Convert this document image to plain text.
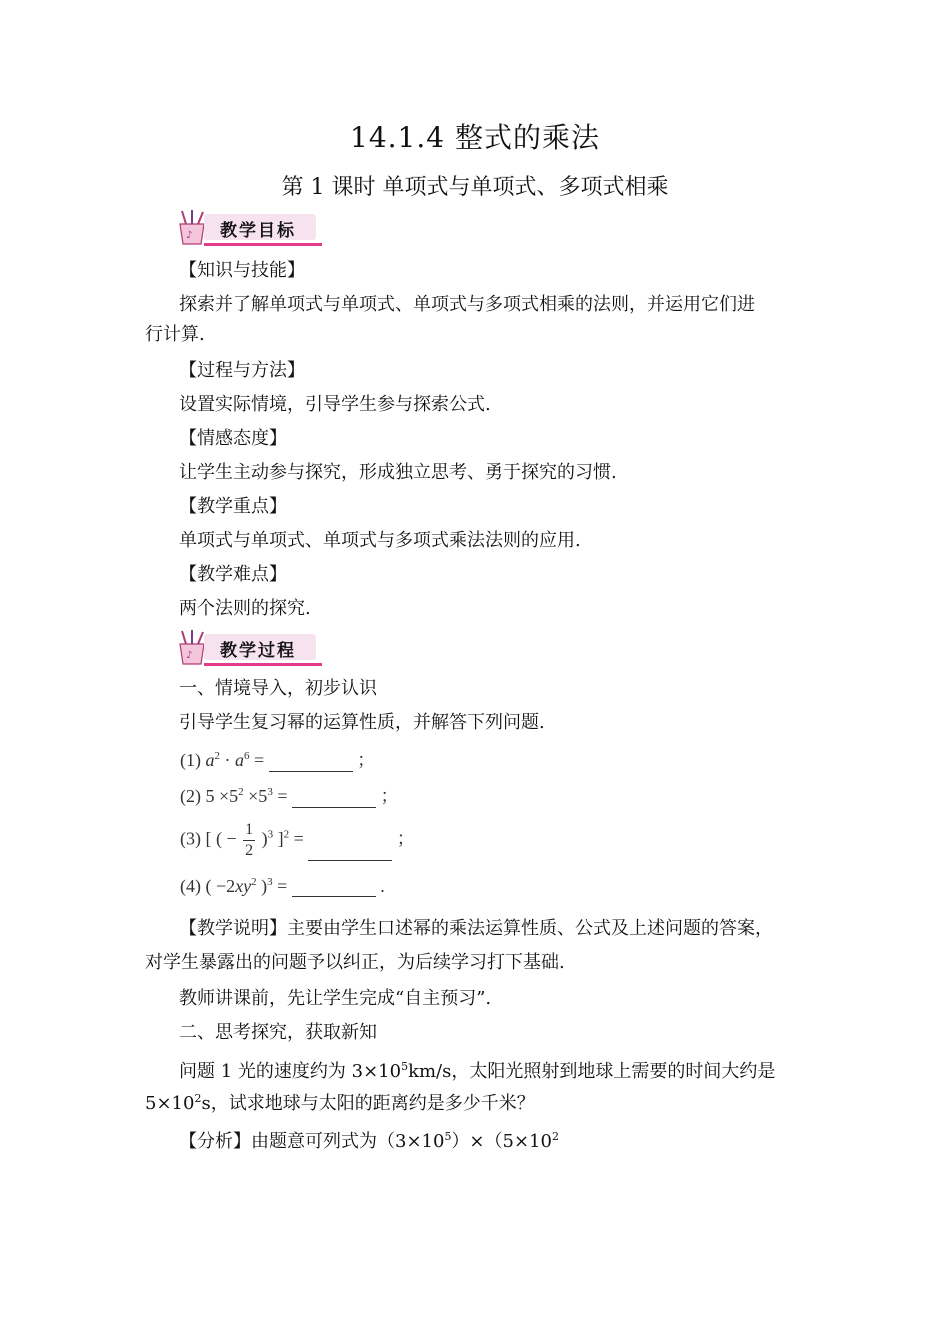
14.1.4 整式的乘法
第 1 课时 单项式与单项式、多项式相乘
♪ 教学目标
【知识与技能】
探索并了解单项式与单项式、单项式与多项式相乘的法则，并运用它们进
行计算.
【过程与方法】
设置实际情境，引导学生参与探索公式.
【情感态度】
让学生主动参与探究，形成独立思考、勇于探究的习惯.
【教学重点】
单项式与单项式、单项式与多项式乘法法则的应用.
【教学难点】
两个法则的探究.
♪ 教学过程
一、情境导入，初步认识
引导学生复习幂的运算性质，并解答下列问题.
(1) $a^2 \cdot a^6$ =	；
(2) $5 \times 5^2 \times 5^3$ =	；
(3) [ ( − $\frac{1}{2} )^3$ ]$^2$ =	；
(4) ( $-2xy^2$ )$^3$ =	.
【教学说明】主要由学生口述幂的乘法运算性质、公式及上述问题的答案，
对学生暴露出的问题予以纠正，为后续学习打下基础.
教师讲课前，先让学生完成“自主预习”.
二、思考探究，获取新知
问题 1 光的速度约为 $3\times 10^5km/s$，太阳光照射到地球上需要的时间大约是
$5\times 10^2s$，试求地球与太阳的距离约是多少千米？
【分析】由题意可列式为$(3\times 10^5)\times(5\times 10^2$
